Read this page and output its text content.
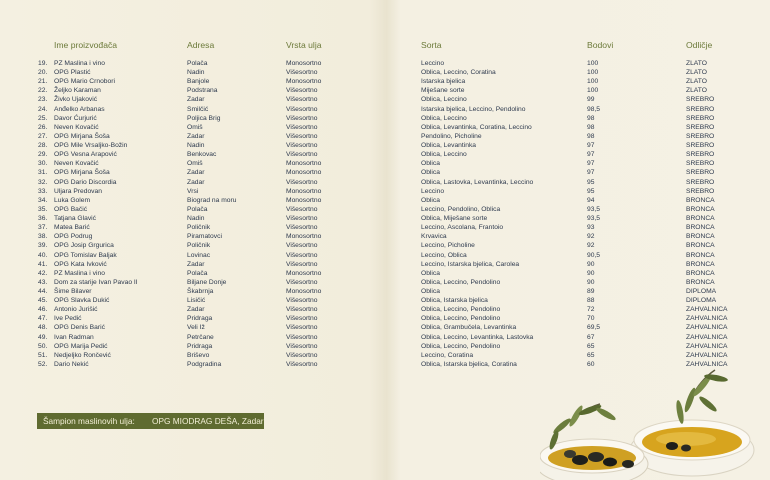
Ime proizvođača	Adresa	Vrsta ulja	Sorta	Bodovi	Odličje
19. PZ Maslina i vino	Polača	Monosortno	Leccino	100	ZLATO
20. OPG Plastić	Nadin	Višesortno	Oblica, Leccino, Coratina	100	ZLATO
21. OPG Mario Crnobori	Banjole	Monosortno	Istarska bjelica	100	ZLATO
22. Željko Karaman	Podstrana	Višesortno	Miješane sorte	100	ZLATO
23. Živko Ujaković	Zadar	Višesortno	Oblica, Leccino	99	SREBRO
24. Anđelko Arbanas	Smilčić	Višesortno	Istarska bjelica, Leccino, Pendolino	98,5	SREBRO
25. Davor Ćurjurić	Poljica Brig	Višesortno	Oblica, Leccino	98	SREBRO
26. Neven Kovačić	Omiš	Višesortno	Oblica, Levantinka, Coratina, Leccino	98	SREBRO
27. OPG Mirjana Šoša	Zadar	Višesortno	Pendolino, Picholine	98	SREBRO
28. OPG Mile Vrsaljko-Božin	Nadin	Višesortno	Oblica, Levantinka	97	SREBRO
29. OPG Vesna Arapović	Benkovac	Višesortno	Oblica, Leccino	97	SREBRO
30. Neven Kovačić	Omiš	Monosortno	Oblica	97	SREBRO
31. OPG Mirjana Šoša	Zadar	Monosortno	Oblica	97	SREBRO
32. OPG Dario Discordia	Zadar	Višesortno	Oblica, Lastovka, Levantinka, Leccino	95	SREBRO
33. Uljara Predovan	Vrsi	Monosortno	Leccino	95	SREBRO
34. Luka Golem	Biograd na moru	Monosortno	Oblica	94	BRONCA
35. OPG Bačić	Polača	Višesortno	Leccino, Pendolino, Oblica	93,5	BRONCA
36. Tatjana Glavić	Nadin	Višesortno	Oblica, Miješane sorte	93,5	BRONCA
37. Matea Barić	Poličnik	Višesortno	Leccino, Ascolana, Frantoio	93	BRONCA
38. OPG Podrug	Piramatovci	Monosortno	Krvavica	92	BRONCA
39. OPG Josip Grgurica	Poličnik	Višesortno	Leccino, Picholine	92	BRONCA
40. OPG Tomislav Baljak	Lovinac	Višesortno	Leccino, Oblica	90,5	BRONCA
41. OPG Kata Ivković	Zadar	Višesortno	Leccino, Istarska bjelica, Carolea	90	BRONCA
42. PZ Maslina i vino	Polača	Monosortno	Oblica	90	BRONCA
43. Dom za starije Ivan Pavao II	Biljane Donje	Višesortno	Oblica, Leccino, Pendolino	90	BRONCA
44. Šime Bilaver	Škabrnja	Monosortno	Oblica	89	DIPLOMA
45. OPG Slavka Dukić	Lisičić	Višesortno	Oblica, Istarska bjelica	88	DIPLOMA
46. Antonio Jurišić	Zadar	Višesortno	Oblica, Leccino, Pendolino	72	ZAHVALNICA
47. Ive Pedić	Pridraga	Višesortno	Oblica, Leccino, Pendolino	70	ZAHVALNICA
48. OPG Denis Barić	Veli Iž	Višesortno	Oblica, Grambučela, Levantinka	69,5	ZAHVALNICA
49. Ivan Radman	Petrčane	Višesortno	Oblica, Leccino, Levantinka, Lastovka	67	ZAHVALNICA
50. OPG Marija Pedić	Pridraga	Višesortno	Oblica, Leccino, Pendolino	65	ZAHVALNICA
51. Nedjeljko Rončević	Briševo	Višesortno	Leccino, Coratina	65	ZAHVALNICA
52. Dario Nekić	Podgradina	Višesortno	Oblica, Istarska bjelica, Coratina	60	ZAHVALNICA
Šampion maslinovih ulja: OPG MIODRAG DEŠA, Zadar
